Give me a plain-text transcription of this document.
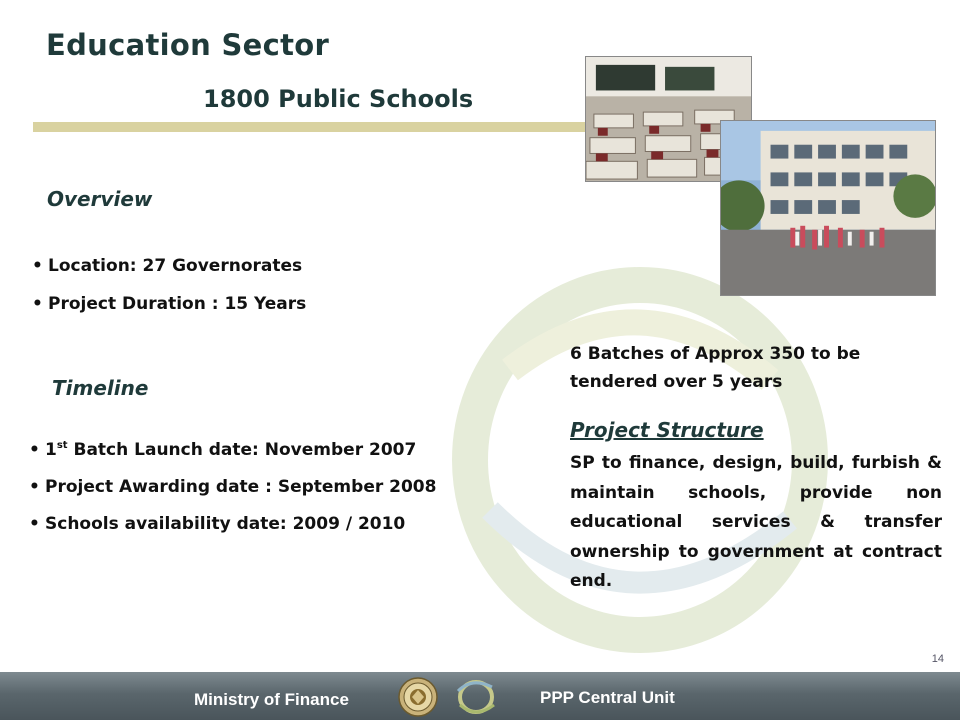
Education Sector
1800 Public Schools
Overview
• Location: 27 Governorates
• Project Duration : 15 Years
Timeline
• 1st Batch Launch date: November 2007
• Project Awarding date : September 2008
• Schools availability date: 2009 / 2010
6 Batches of Approx 350 to be tendered over 5 years
Project Structure
SP to finance, design, build, furbish & maintain schools, provide non educational services & transfer ownership to government at contract end.
14
Ministry of Finance	PPP Central Unit
